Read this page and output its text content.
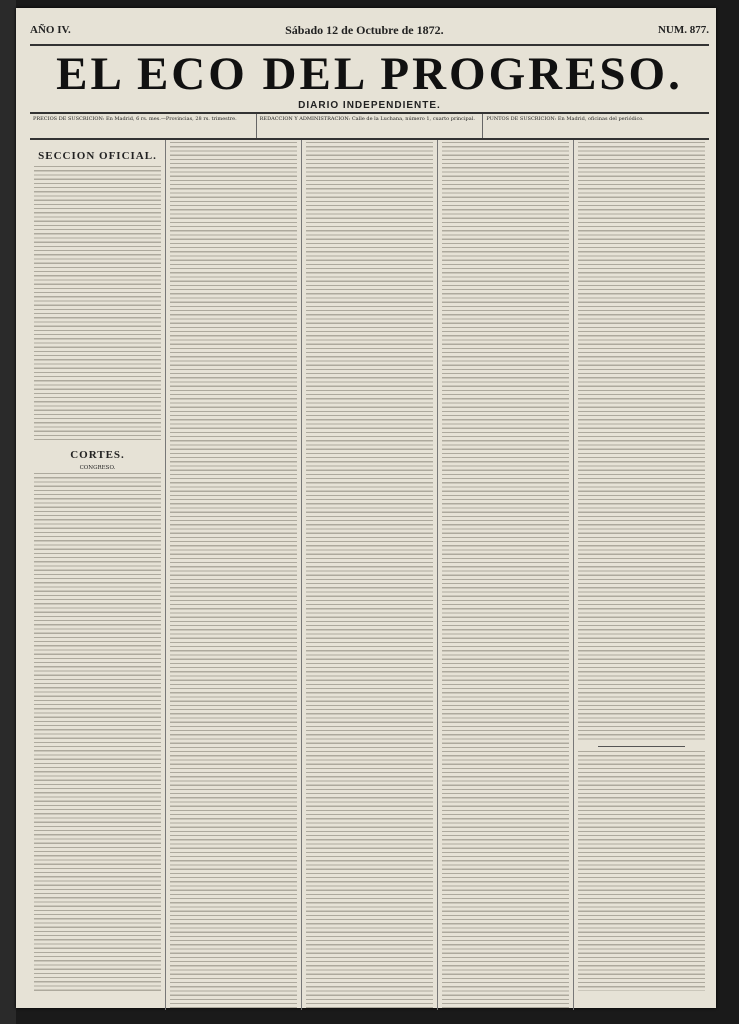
AÑO IV.	Sábado 12 de Octubre de 1872.	NUM. 877.
EL ECO DEL PROGRESO.
DIARIO INDEPENDIENTE.
PRECIOS DE SUSCRICION: En Madrid, 6 rs. mes.—Provincias, 28 rs. trimestre.	REDACCION Y ADMINISTRACION: Calle de la Luchana, número 1, cuarto principal.	PUNTOS DE SUSCRICION: En Madrid, oficinas del periódico.
SECCION OFICIAL.
CORTES.
CONGRESO.
